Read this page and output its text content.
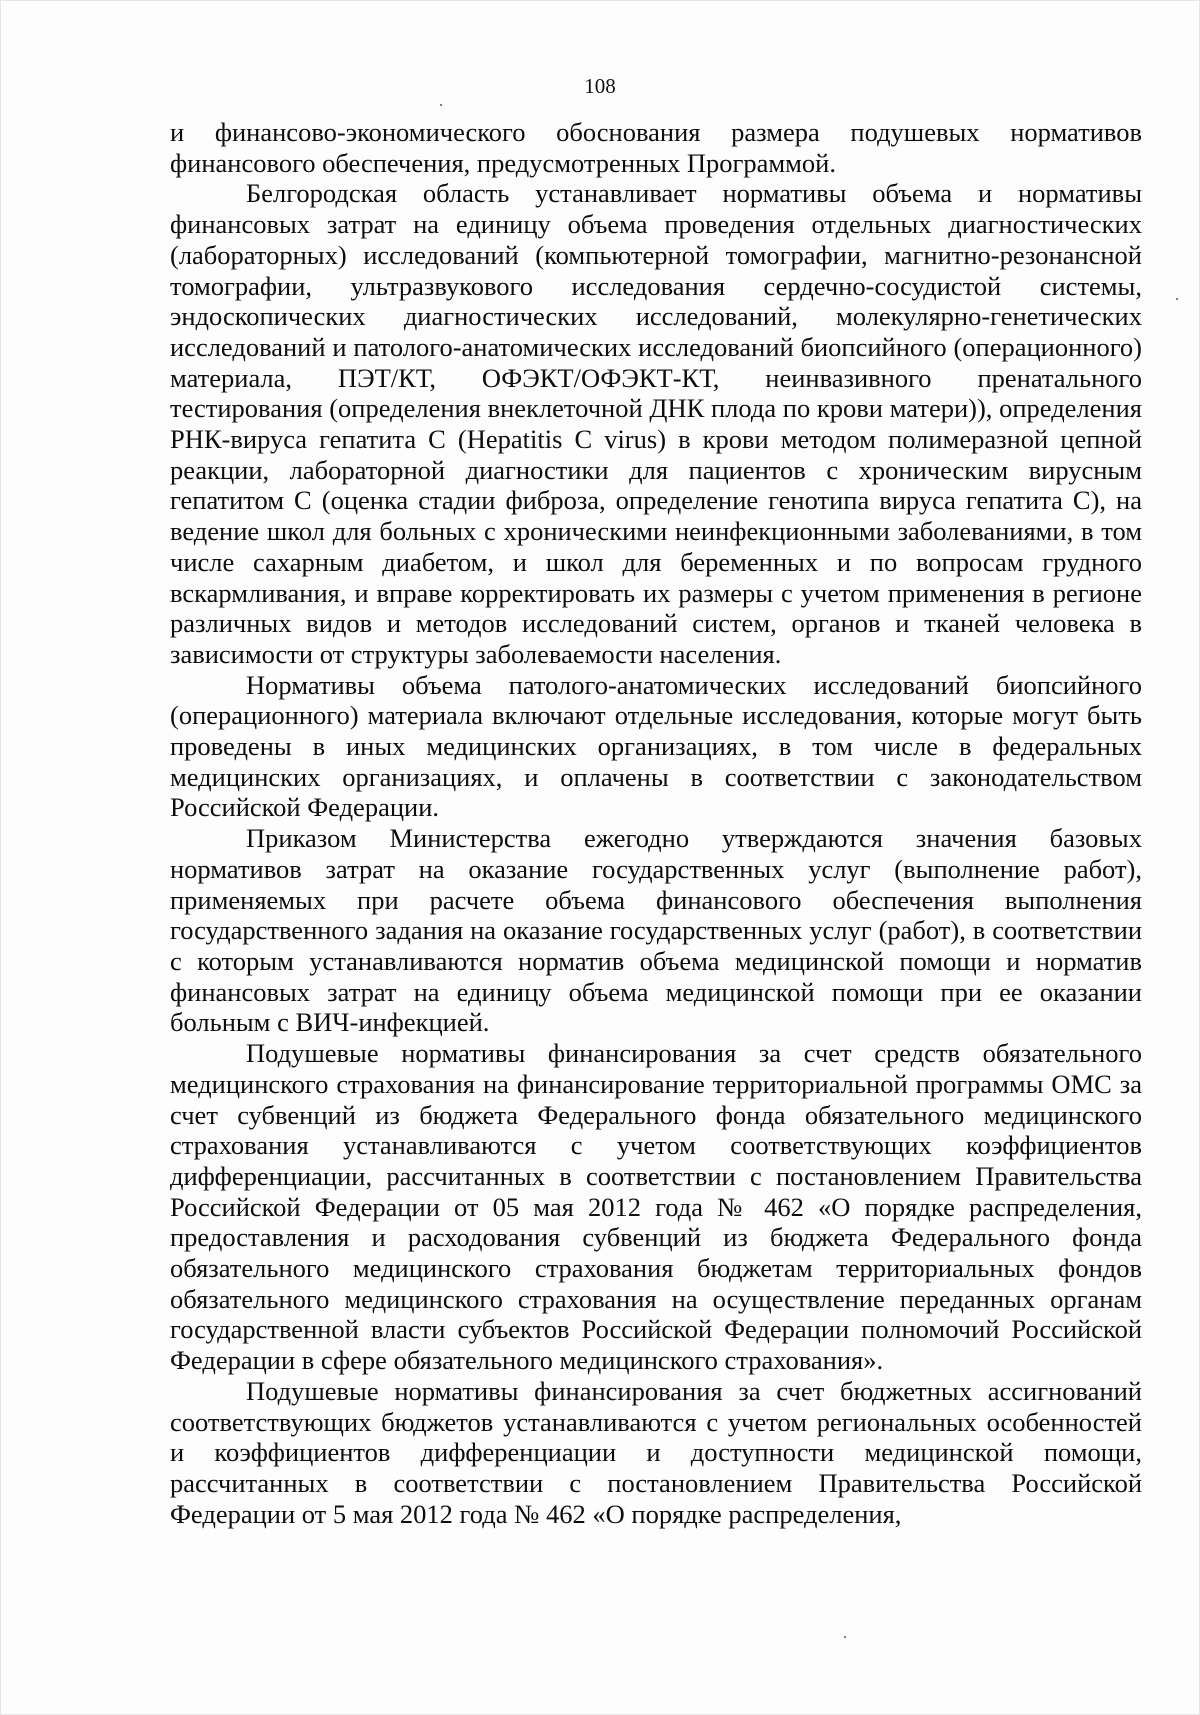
108

и финансово-экономического обоснования размера подушевых нормативов финансового обеспечения, предусмотренных Программой.

Белгородская область устанавливает нормативы объема и нормативы финансовых затрат на единицу объема проведения отдельных диагностических (лабораторных) исследований (компьютерной томографии, магнитно-резонансной томографии, ультразвукового исследования сердечно-сосудистой системы, эндоскопических диагностических исследований, молекулярно-генетических исследований и патолого-анатомических исследований биопсийного (операционного) материала, ПЭТ/КТ, ОФЭКТ/ОФЭКТ-КТ, неинвазивного пренатального тестирования (определения внеклеточной ДНК плода по крови матери)), определения РНК-вируса гепатита С (Hepatitis C virus) в крови методом полимеразной цепной реакции, лабораторной диагностики для пациентов с хроническим вирусным гепатитом С (оценка стадии фиброза, определение генотипа вируса гепатита С), на ведение школ для больных с хроническими неинфекционными заболеваниями, в том числе сахарным диабетом, и школ для беременных и по вопросам грудного вскармливания, и вправе корректировать их размеры с учетом применения в регионе различных видов и методов исследований систем, органов и тканей человека в зависимости от структуры заболеваемости населения.

Нормативы объема патолого-анатомических исследований биопсийного (операционного) материала включают отдельные исследования, которые могут быть проведены в иных медицинских организациях, в том числе в федеральных медицинских организациях, и оплачены в соответствии с законодательством Российской Федерации.

Приказом Министерства ежегодно утверждаются значения базовых нормативов затрат на оказание государственных услуг (выполнение работ), применяемых при расчете объема финансового обеспечения выполнения государственного задания на оказание государственных услуг (работ), в соответствии с которым устанавливаются норматив объема медицинской помощи и норматив финансовых затрат на единицу объема медицинской помощи при ее оказании больным с ВИЧ-инфекцией.

Подушевые нормативы финансирования за счет средств обязательного медицинского страхования на финансирование территориальной программы ОМС за счет субвенций из бюджета Федерального фонда обязательного медицинского страхования устанавливаются с учетом соответствующих коэффициентов дифференциации, рассчитанных в соответствии с постановлением Правительства Российской Федерации от 05 мая 2012 года № 462 «О порядке распределения, предоставления и расходования субвенций из бюджета Федерального фонда обязательного медицинского страхования бюджетам территориальных фондов обязательного медицинского страхования на осуществление переданных органам государственной власти субъектов Российской Федерации полномочий Российской Федерации в сфере обязательного медицинского страхования».

Подушевые нормативы финансирования за счет бюджетных ассигнований соответствующих бюджетов устанавливаются с учетом региональных особенностей и коэффициентов дифференциации и доступности медицинской помощи, рассчитанных в соответствии с постановлением Правительства Российской Федерации от 5 мая 2012 года № 462 «О порядке распределения,
